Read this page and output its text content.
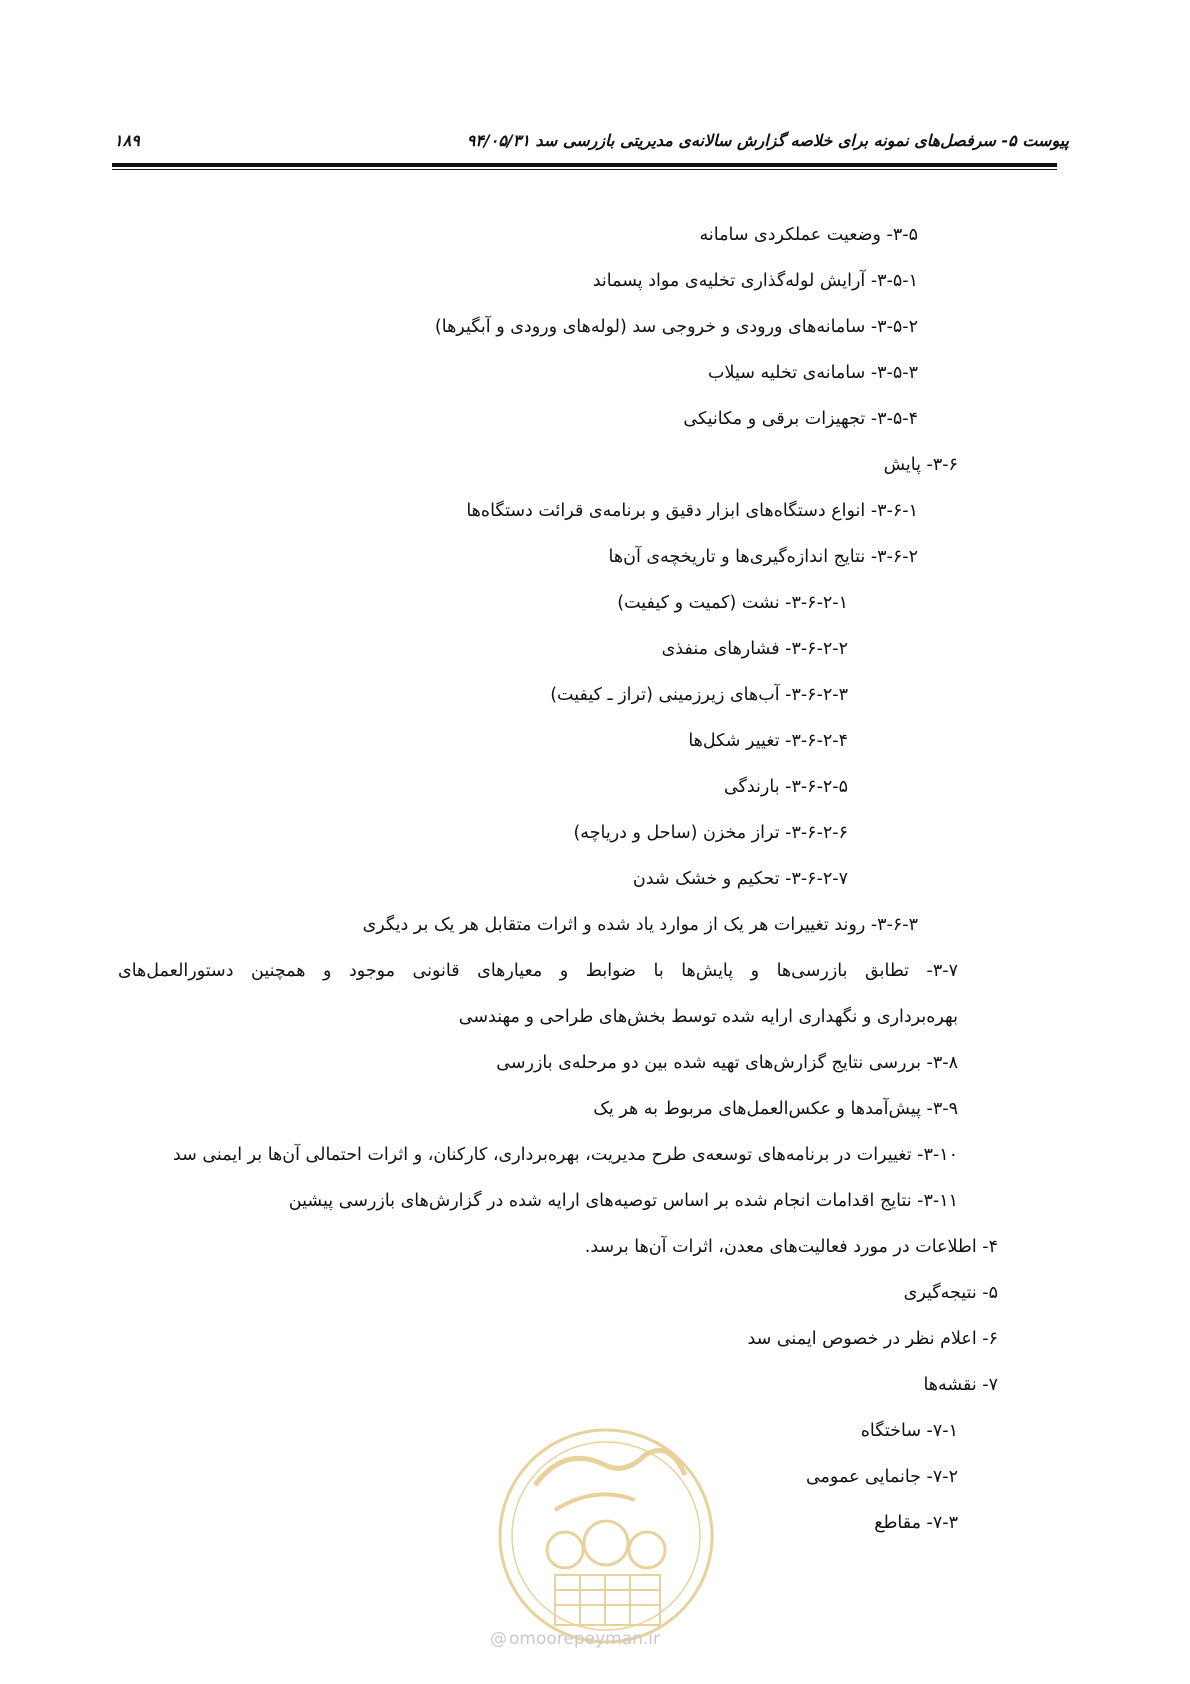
پیوست ۵- سرفصل‌های نمونه برای خلاصه گزارش سالانه‌ی مدیریتی بازرسی سد ۹۴/۰۵/۳۱
۱۸۹
۳-۵- وضعیت عملکردی سامانه
۳-۵-۱- آرایش لوله‌گذاری تخلیه‌ی مواد پسماند
۳-۵-۲- سامانه‌های ورودی و خروجی سد (لوله‌های ورودی و آبگیرها)
۳-۵-۳- سامانه‌ی تخلیه سیلاب
۳-۵-۴- تجهیزات برقی و مکانیکی
۳-۶- پایش
۳-۶-۱- انواع دستگاه‌های ابزار دقیق و برنامه‌ی قرائت دستگاه‌ها
۳-۶-۲- نتایج اندازه‌گیری‌ها و تاریخچه‌ی آن‌ها
۳-۶-۲-۱- نشت (کمیت و کیفیت)
۳-۶-۲-۲- فشارهای منفذی
۳-۶-۲-۳- آب‌های زیرزمینی (تراز ـ کیفیت)
۳-۶-۲-۴- تغییر شکل‌ها
۳-۶-۲-۵- بارندگی
۳-۶-۲-۶- تراز مخزن (ساحل و دریاچه)
۳-۶-۲-۷- تحکیم و خشک شدن
۳-۶-۳- روند تغییرات هر یک از موارد یاد شده و اثرات متقابل هر یک بر دیگری
۳-۷- تطابق بازرسی‌ها و پایش‌ها با ضوابط و معیارهای قانونی موجود و همچنین دستورالعمل‌های
بهره‌برداری و نگهداری ارایه شده توسط بخش‌های طراحی و مهندسی
۳-۸- بررسی نتایج گزارش‌های تهیه شده بین دو مرحله‌ی بازرسی
۳-۹- پیش‌آمدها و عکس‌العمل‌های مربوط به هر یک
۳-۱۰- تغییرات در برنامه‌های توسعه‌ی طرح مدیریت، بهره‌برداری، کارکنان، و اثرات احتمالی آن‌ها بر ایمنی سد
۳-۱۱- نتایج اقدامات انجام شده بر اساس توصیه‌های ارایه شده در گزارش‌های بازرسی پیشین
۴- اطلاعات در مورد فعالیت‌های معدن، اثرات آن‌ها برسد.
۵- نتیجه‌گیری
۶- اعلام نظر در خصوص ایمنی سد
۷- نقشه‌ها
۷-۱- ساختگاه
۷-۲- جانمایی عمومی
۷-۳- مقاطع
@ omoorepeyman.ir
